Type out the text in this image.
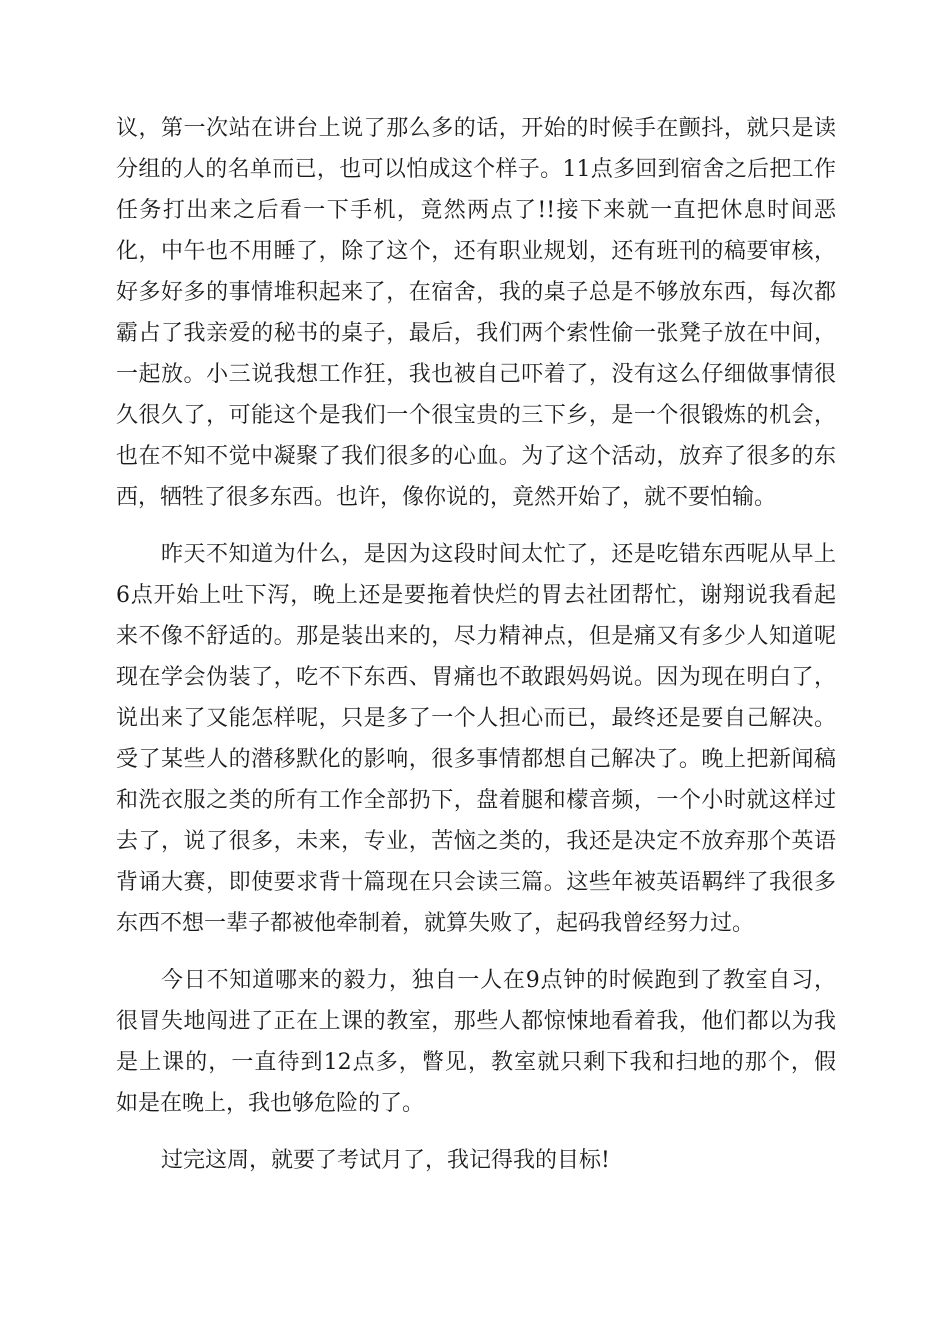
议，第一次站在讲台上说了那么多的话，开始的时候手在颤抖，就只是读
分组的人的名单而已，也可以怕成这个样子。11点多回到宿舍之后把工作
任务打出来之后看一下手机，竟然两点了!!接下来就一直把休息时间恶
化，中午也不用睡了，除了这个，还有职业规划，还有班刊的稿要审核，
好多好多的事情堆积起来了，在宿舍，我的桌子总是不够放东西，每次都
霸占了我亲爱的秘书的桌子，最后，我们两个索性偷一张凳子放在中间，
一起放。小三说我想工作狂，我也被自己吓着了，没有这么仔细做事情很
久很久了，可能这个是我们一个很宝贵的三下乡，是一个很锻炼的机会，
也在不知不觉中凝聚了我们很多的心血。为了这个活动，放弃了很多的东
西，牺牲了很多东西。也许，像你说的，竟然开始了，就不要怕输。
昨天不知道为什么，是因为这段时间太忙了，还是吃错东西呢从早上
6点开始上吐下泻，晚上还是要拖着快烂的胃去社团帮忙，谢翔说我看起
来不像不舒适的。那是装出来的，尽力精神点，但是痛又有多少人知道呢
现在学会伪装了，吃不下东西、胃痛也不敢跟妈妈说。因为现在明白了，
说出来了又能怎样呢，只是多了一个人担心而已，最终还是要自己解决。
受了某些人的潜移默化的影响，很多事情都想自己解决了。晚上把新闻稿
和洗衣服之类的所有工作全部扔下，盘着腿和檬音频，一个小时就这样过
去了，说了很多，未来，专业，苦恼之类的，我还是决定不放弃那个英语
背诵大赛，即使要求背十篇现在只会读三篇。这些年被英语羁绊了我很多
东西不想一辈子都被他牵制着，就算失败了，起码我曾经努力过。
今日不知道哪来的毅力，独自一人在9点钟的时候跑到了教室自习，
很冒失地闯进了正在上课的教室，那些人都惊悚地看着我，他们都以为我
是上课的，一直待到12点多，瞥见，教室就只剩下我和扫地的那个，假
如是在晚上，我也够危险的了。
过完这周，就要了考试月了，我记得我的目标!
